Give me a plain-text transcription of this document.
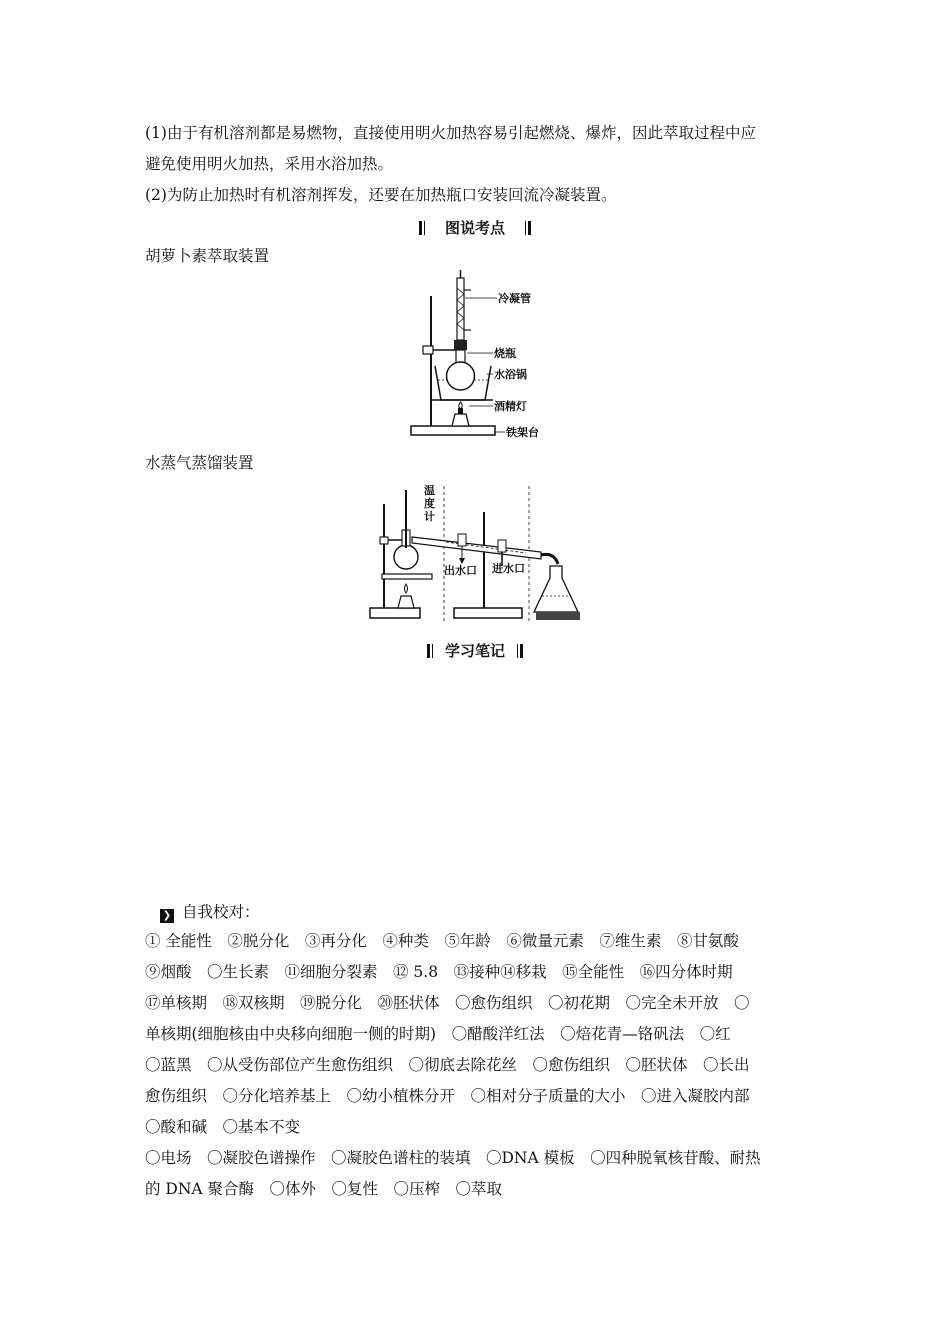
(1)由于有机溶剂都是易燃物，直接使用明火加热容易引起燃烧、爆炸，因此萃取过程中应
避免使用明火加热，采用水浴加热。

(2)为防止加热时有机溶剂挥发，还要在加热瓶口安装回流冷凝装置。

图说考点
胡萝卜素萃取装置
冷凝管
烧瓶
水浴锅
酒精灯
铁架台
水蒸气蒸馏装置
温
度
计
出水口 进水口
学习笔记
❯ 自我校对：
① 全能性　②脱分化　③再分化　④种类　⑤年龄　⑥微量元素　⑦维生素　⑧甘氨酸
⑨烟酸　〇生长素　⑪细胞分裂素　⑫ 5.8　⑬接种⑭移栽　⑮全能性　⑯四分体时期
⑰单核期　⑱双核期　⑲脱分化　⑳胚状体　〇愈伤组织　〇初花期　〇完全未开放　〇
单核期(细胞核由中央移向细胞一侧的时期)　〇醋酸洋红法　〇焙花青—铬矾法　〇红
〇蓝黑　〇从受伤部位产生愈伤组织　〇彻底去除花丝　〇愈伤组织　〇胚状体　〇长出
愈伤组织　〇分化培养基上　〇幼小植株分开　〇相对分子质量的大小　〇进入凝胶内部
〇酸和碱　〇基本不变
〇电场　〇凝胶色谱操作　〇凝胶色谱柱的装填　〇DNA 模板　〇四种脱氧核苷酸、耐热
的 DNA 聚合酶　〇体外　〇复性　〇压榨　〇萃取
